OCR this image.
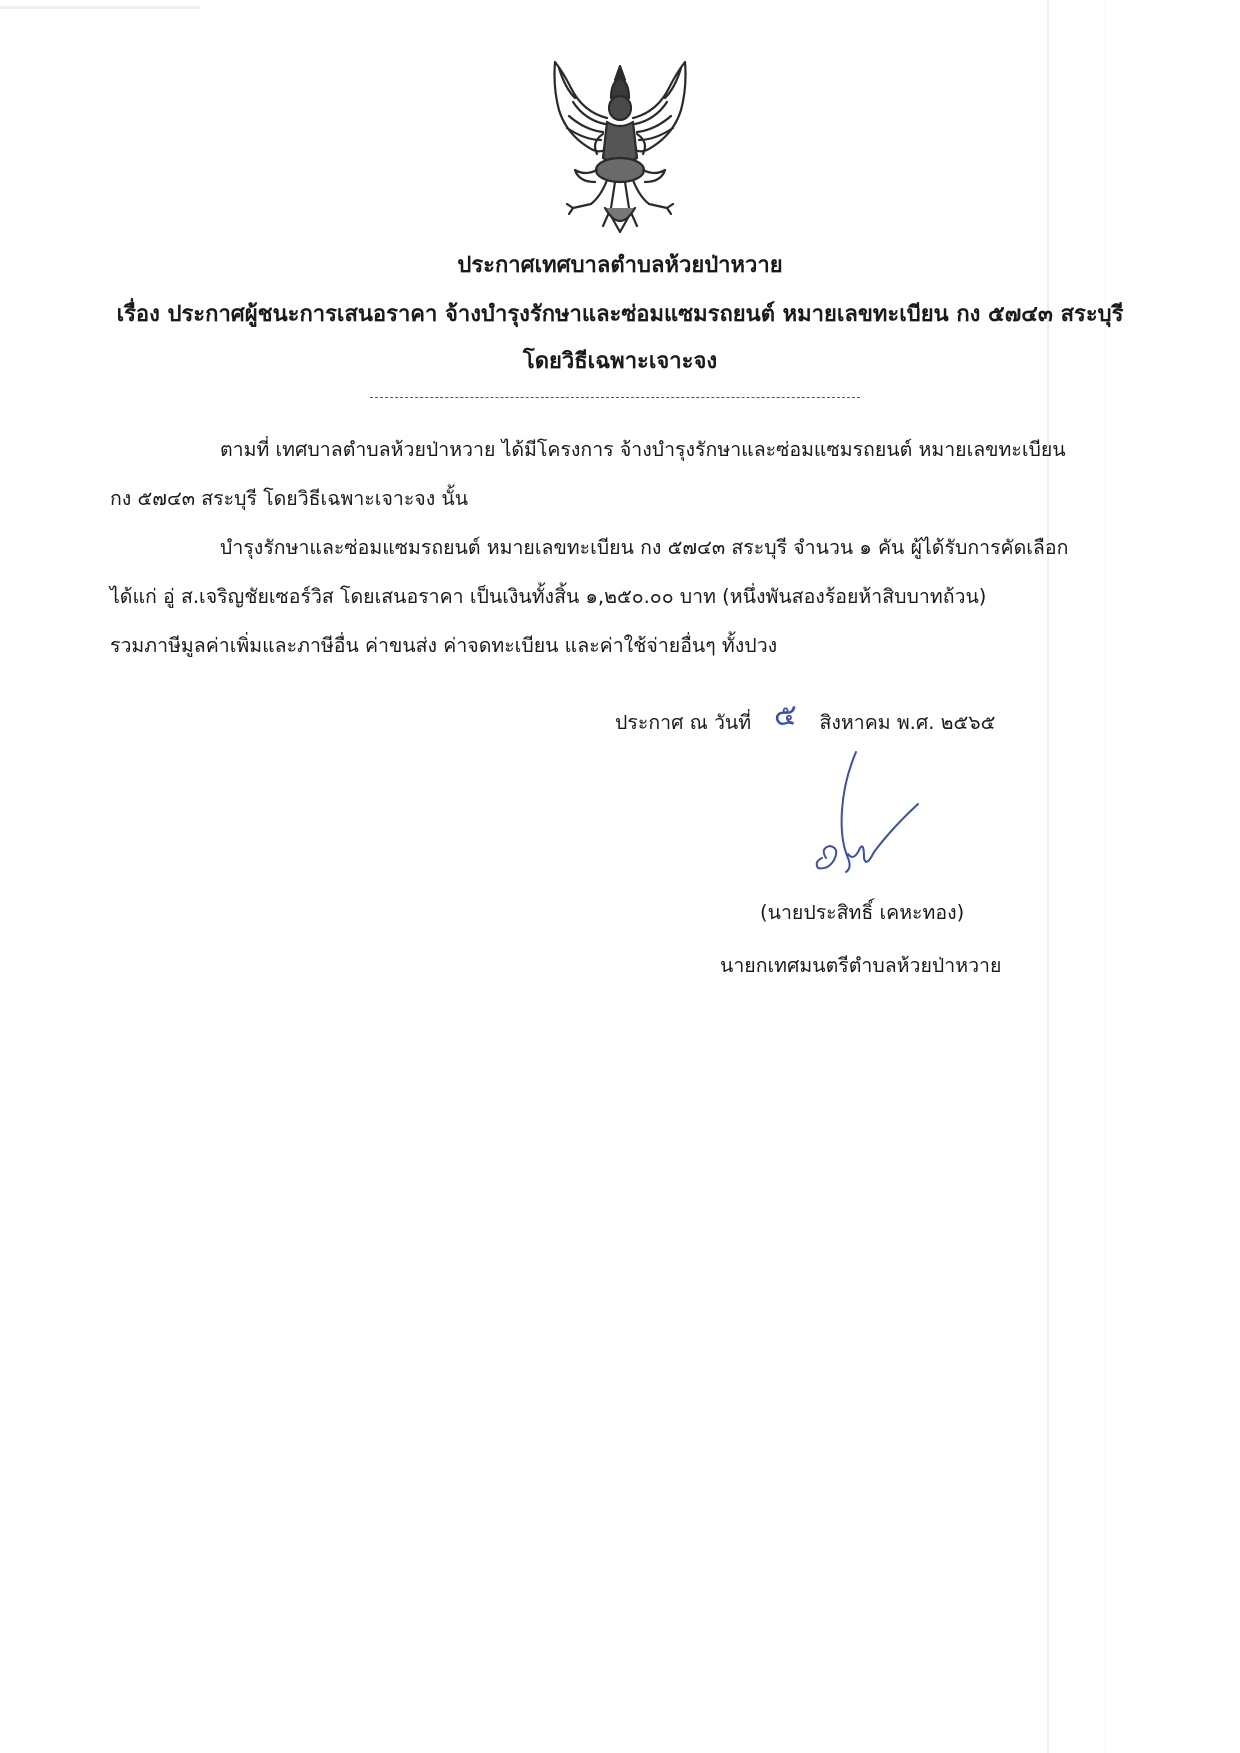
ประกาศเทศบาลตำบลห้วยป่าหวาย
เรื่อง ประกาศผู้ชนะการเสนอราคา จ้างบำรุงรักษาและซ่อมแซมรถยนต์ หมายเลขทะเบียน กง ๕๗๔๓ สระบุรี
โดยวิธีเฉพาะเจาะจง
ตามที่ เทศบาลตำบลห้วยป่าหวาย ได้มีโครงการ จ้างบำรุงรักษาและซ่อมแซมรถยนต์ หมายเลขทะเบียน
กง ๕๗๔๓ สระบุรี โดยวิธีเฉพาะเจาะจง นั้น
บำรุงรักษาและซ่อมแซมรถยนต์ หมายเลขทะเบียน กง ๕๗๔๓ สระบุรี จำนวน ๑ คัน ผู้ได้รับการคัดเลือก
ได้แก่ อู่ ส.เจริญชัยเซอร์วิส โดยเสนอราคา เป็นเงินทั้งสิ้น ๑,๒๕๐.๐๐ บาท (หนึ่งพันสองร้อยห้าสิบบาทถ้วน)
รวมภาษีมูลค่าเพิ่มและภาษีอื่น ค่าขนส่ง ค่าจดทะเบียน และค่าใช้จ่ายอื่นๆ ทั้งปวง
ประกาศ ณ วันที่ ๕ สิงหาคม พ.ศ. ๒๕๖๕
(นายประสิทธิ์ เคหะทอง)
นายกเทศมนตรีตำบลห้วยป่าหวาย
